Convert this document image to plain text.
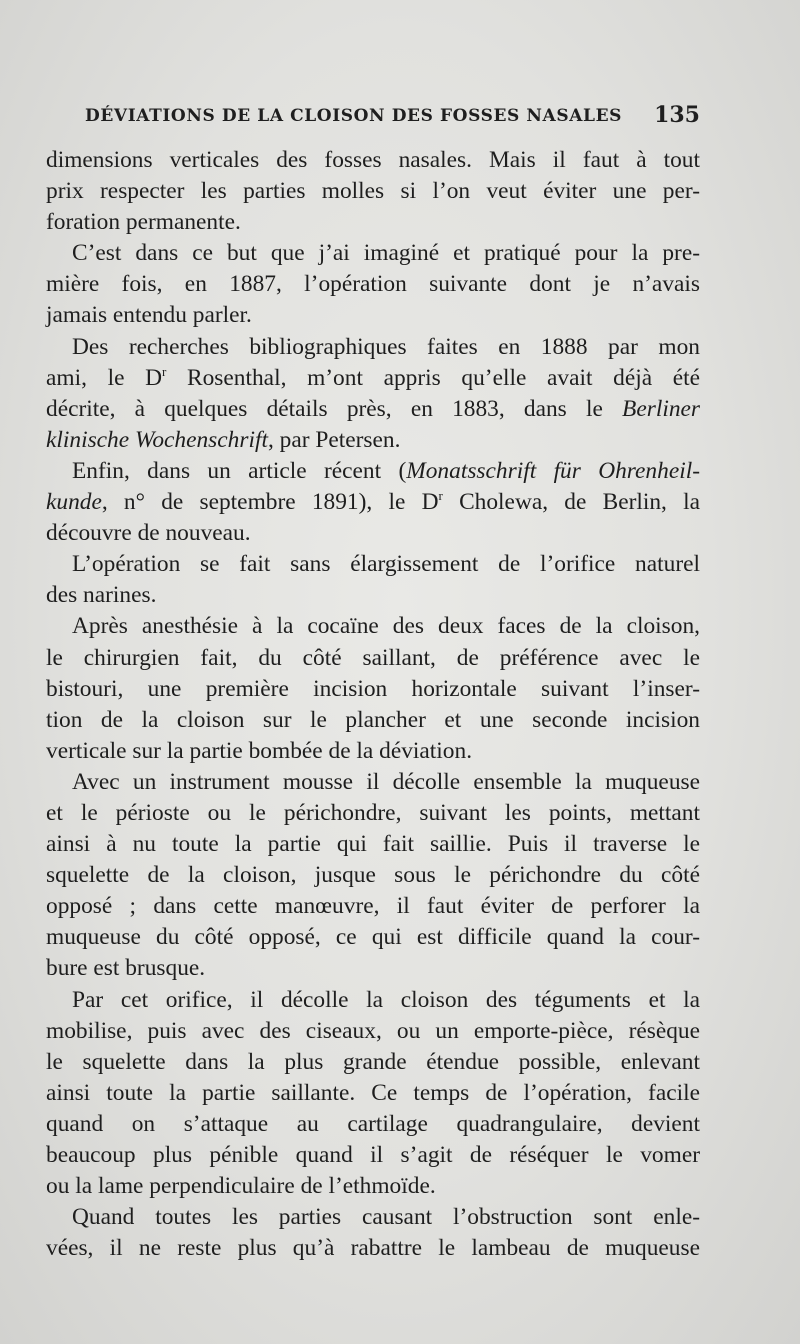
DÉVIATIONS DE LA CLOISON DES FOSSES NASALES 135
dimensions verticales des fosses nasales. Mais il faut à tout
prix respecter les parties molles si l’on veut éviter une per-
foration permanente.
C’est dans ce but que j’ai imaginé et pratiqué pour la pre-
mière fois, en 1887, l’opération suivante dont je n’avais
jamais entendu parler.
Des recherches bibliographiques faites en 1888 par mon
ami, le $D^r$ Rosenthal, m’ont appris qu’elle avait déjà été
décrite, à quelques détails près, en 1883, dans le Berliner
klinische Wochenschrift, par Petersen.
Enfin, dans un article récent (Monatsschrift für Ohrenheil-
kunde, n° de septembre 1891), le $D^r$ Cholewa, de Berlin, la
découvre de nouveau.
L’opération se fait sans élargissement de l’orifice naturel
des narines.
Après anesthésie à la cocaïne des deux faces de la cloison,
le chirurgien fait, du côté saillant, de préférence avec le
bistouri, une première incision horizontale suivant l’inser-
tion de la cloison sur le plancher et une seconde incision
verticale sur la partie bombée de la déviation.
Avec un instrument mousse il décolle ensemble la muqueuse
et le périoste ou le périchondre, suivant les points, mettant
ainsi à nu toute la partie qui fait saillie. Puis il traverse le
squelette de la cloison, jusque sous le périchondre du côté
opposé ; dans cette manœuvre, il faut éviter de perforer la
muqueuse du côté opposé, ce qui est difficile quand la cour-
bure est brusque.
Par cet orifice, il décolle la cloison des téguments et la
mobilise, puis avec des ciseaux, ou un emporte-pièce, résèque
le squelette dans la plus grande étendue possible, enlevant
ainsi toute la partie saillante. Ce temps de l’opération, facile
quand on s’attaque au cartilage quadrangulaire, devient
beaucoup plus pénible quand il s’agit de réséquer le vomer
ou la lame perpendiculaire de l’ethmoïde.
Quand toutes les parties causant l’obstruction sont enle-
vées, il ne reste plus qu’à rabattre le lambeau de muqueuse
